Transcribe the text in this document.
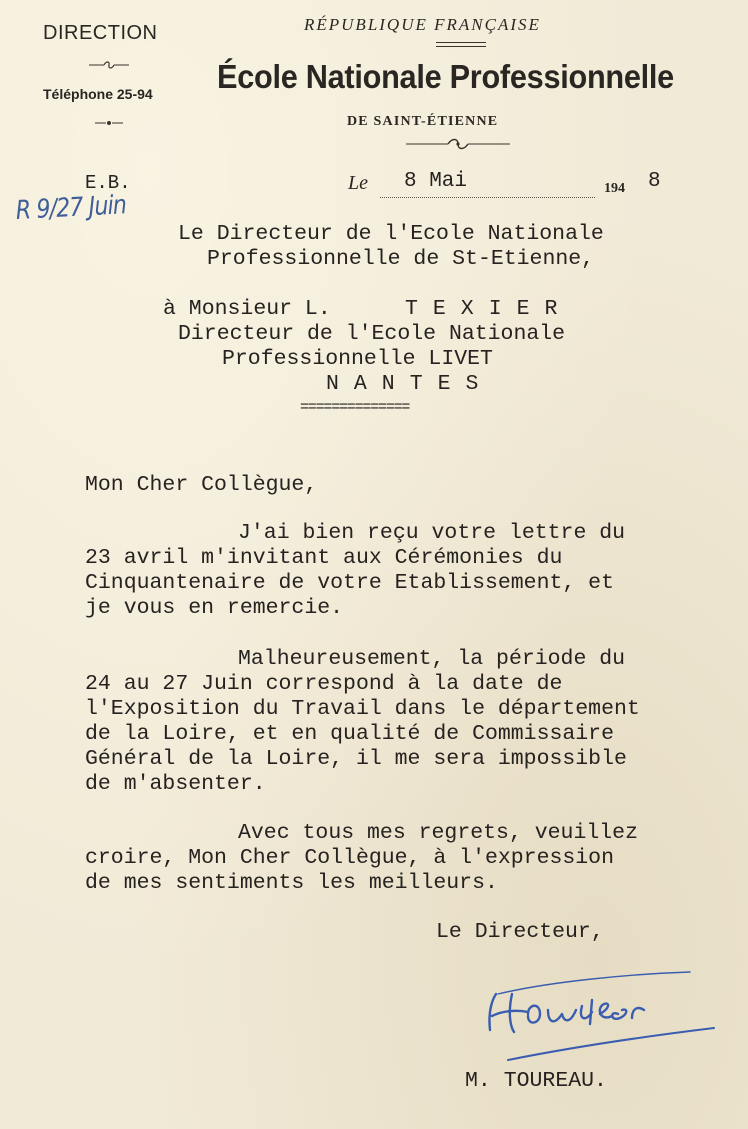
DIRECTION
Téléphone 25-94
RÉPUBLIQUE FRANÇAISE
École Nationale Professionnelle
DE SAINT-ÉTIENNE
E.B.	Le 8 Mai	194 8
R 9/27 Juin
Le Directeur de l'Ecole Nationale
Professionnelle de St-Etienne,
à Monsieur L.	TEXIER
Directeur de l'Ecole Nationale
Professionnelle LIVET
NANTES
==============
Mon Cher Collègue,
J'ai bien reçu votre lettre du
23 avril m'invitant aux Cérémonies du
Cinquantenaire de votre Etablissement, et
je vous en remercie.
Malheureusement, la période du
24 au 27 Juin correspond à la date de
l'Exposition du Travail dans le département
de la Loire, et en qualité de Commissaire
Général de la Loire, il me sera impossible
de m'absenter.
Avec tous mes regrets, veuillez
croire, Mon Cher Collègue, à l'expression
de mes sentiments les meilleurs.
Le Directeur,
M. TOUREAU.
